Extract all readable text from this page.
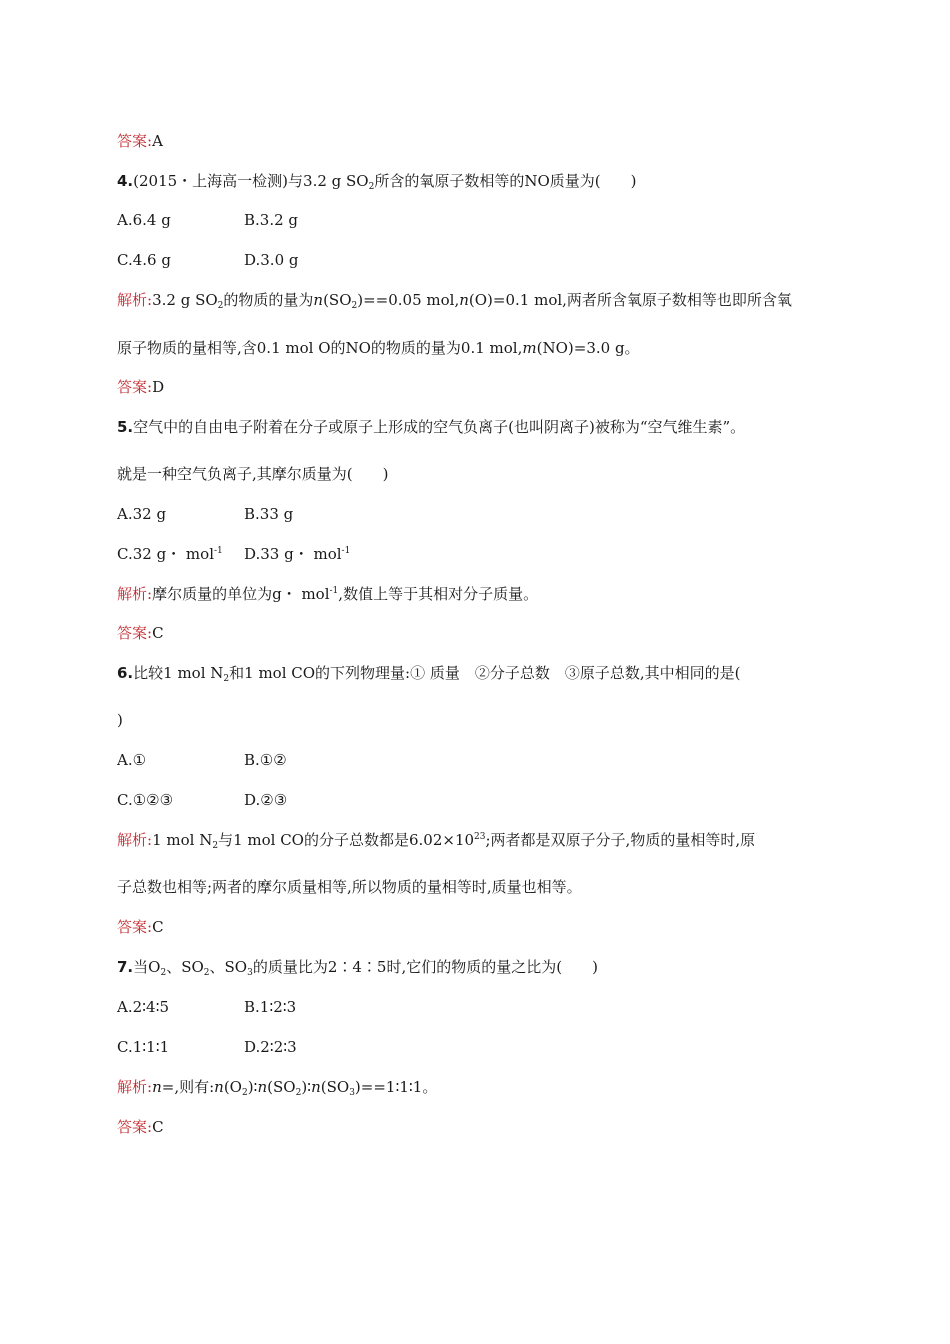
答案:A
4.(2015・上海高一检测)与3.2 g $SO_2$所含的氧原子数相等的NO质量为(　　)
A.6.4 g	B.3.2 g
C.4.6 g	D.3.0 g
解析:3.2 g $SO_2$的物质的量为$n(SO_2)==0.05$ mol,n(O)=0.1 mol,两者所含氧原子数相等也即所含氧
原子物质的量相等,含0.1 mol O的NO的物质的量为0.1 mol,m(NO)=3.0 g。
答案:D
5.空气中的自由电子附着在分子或原子上形成的空气负离子(也叫阴离子)被称为“空气维生素”。
就是一种空气负离子,其摩尔质量为(　　)
A.32 g	B.33 g
C.32 g・ mol$^{-1}$ D.33 g・ mol$^{-1}$
解析:摩尔质量的单位为g・ mol$^{-1}$,数值上等于其相对分子质量。
答案:C
6.比较1 mol $N_2$和1 mol CO的下列物理量:① 质量　②分子总数　③原子总数,其中相同的是(
)
A.①	B.①②
C.①②③	D.②③
解析:1 mol $N_2$与1 mol CO的分子总数都是$6.02\times 10^{23}$;两者都是双原子分子,物质的量相等时,原
子总数也相等;两者的摩尔质量相等,所以物质的量相等时,质量也相等。
答案:C
7.当$O_2$、$SO_2$、$SO_3$的质量比为2∶4∶5时,它们的物质的量之比为(　　)
A.2∶4∶5	B.1∶2∶3
C.1∶1∶1	D.2∶2∶3
解析:n=,则有$:n(O_2)∶n(SO_2)∶n(SO_3)==1∶1∶1$。
答案:C
